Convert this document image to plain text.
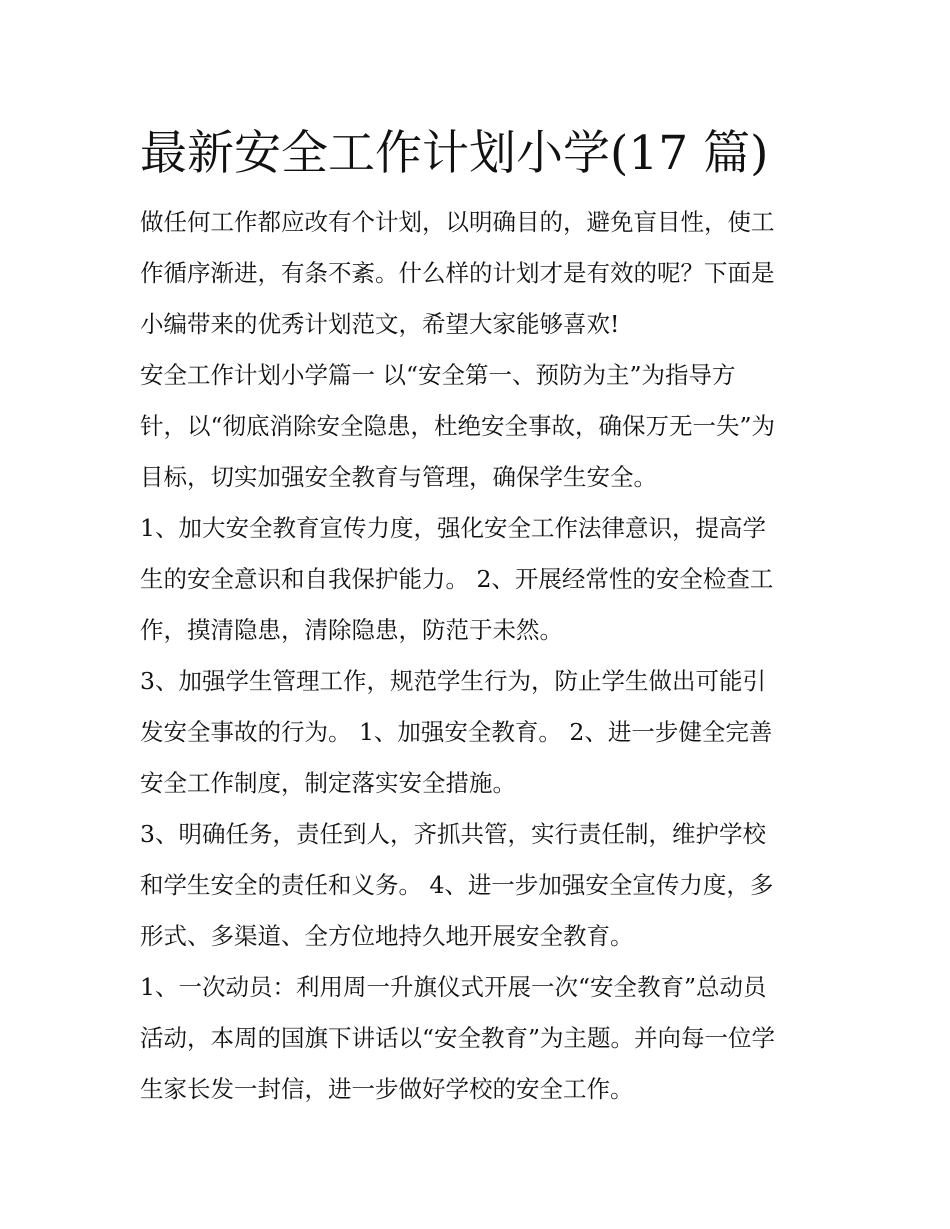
最新安全工作计划小学(17 篇)
做任何工作都应改有个计划，以明确目的，避免盲目性，使工
作循序渐进，有条不紊。什么样的计划才是有效的呢？下面是
小编带来的优秀计划范文，希望大家能够喜欢!
安全工作计划小学篇一 以“安全第一、预防为主”为指导方
针，以“彻底消除安全隐患，杜绝安全事故，确保万无一失”为
目标，切实加强安全教育与管理，确保学生安全。
1、加大安全教育宣传力度，强化安全工作法律意识，提高学
生的安全意识和自我保护能力。 2、开展经常性的安全检查工
作，摸清隐患，清除隐患，防范于未然。
3、加强学生管理工作，规范学生行为，防止学生做出可能引
发安全事故的行为。 1、加强安全教育。 2、进一步健全完善
安全工作制度，制定落实安全措施。
3、明确任务，责任到人，齐抓共管，实行责任制，维护学校
和学生安全的责任和义务。 4、进一步加强安全宣传力度，多
形式、多渠道、全方位地持久地开展安全教育。
1、一次动员：利用周一升旗仪式开展一次“安全教育”总动员
活动，本周的国旗下讲话以“安全教育”为主题。并向每一位学
生家长发一封信，进一步做好学校的安全工作。
